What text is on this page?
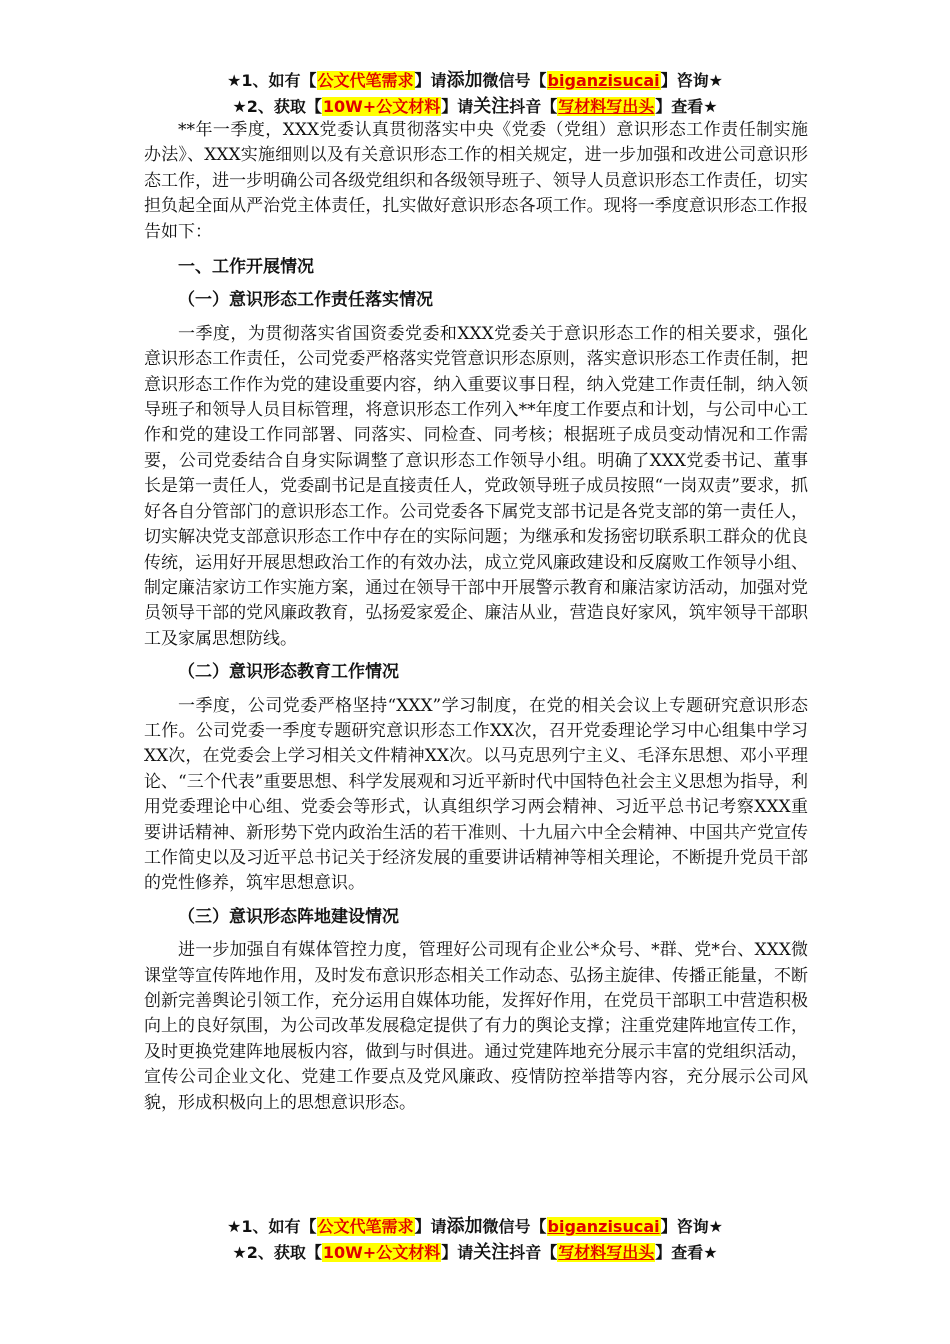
★1、如有【公文代笔需求】请添加微信号【biganzisucai】咨询★
★2、获取【10W+公文材料】请关注抖音【写材料写出头】查看★

**年一季度，XXX党委认真贯彻落实中央《党委（党组）意识形态工作责任制实施办法》、XXX实施细则以及有关意识形态工作的相关规定，进一步加强和改进公司意识形态工作，进一步明确公司各级党组织和各级领导班子、领导人员意识形态工作责任，切实担负起全面从严治党主体责任，扎实做好意识形态各项工作。现将一季度意识形态工作报告如下：

一、工作开展情况
（一）意识形态工作责任落实情况

一季度，为贯彻落实省国资委党委和XXX党委关于意识形态工作的相关要求，强化意识形态工作责任，公司党委严格落实党管意识形态原则，落实意识形态工作责任制，把意识形态工作作为党的建设重要内容，纳入重要议事日程，纳入党建工作责任制，纳入领导班子和领导人员目标管理，将意识形态工作列入**年度工作要点和计划，与公司中心工作和党的建设工作同部署、同落实、同检查、同考核；根据班子成员变动情况和工作需要，公司党委结合自身实际调整了意识形态工作领导小组。明确了XXX党委书记、董事长是第一责任人，党委副书记是直接责任人，党政领导班子成员按照“一岗双责”要求，抓好各自分管部门的意识形态工作。公司党委各下属党支部书记是各党支部的第一责任人，切实解决党支部意识形态工作中存在的实际问题；为继承和发扬密切联系职工群众的优良传统，运用好开展思想政治工作的有效办法，成立党风廉政建设和反腐败工作领导小组、制定廉洁家访工作实施方案，通过在领导干部中开展警示教育和廉洁家访活动，加强对党员领导干部的党风廉政教育，弘扬爱家爱企、廉洁从业，营造良好家风，筑牢领导干部职工及家属思想防线。

（二）意识形态教育工作情况

一季度，公司党委严格坚持“XXX”学习制度，在党的相关会议上专题研究意识形态工作。公司党委一季度专题研究意识形态工作XX次，召开党委理论学习中心组集中学习XX次，在党委会上学习相关文件精神XX次。以马克思列宁主义、毛泽东思想、邓小平理论、“三个代表”重要思想、科学发展观和习近平新时代中国特色社会主义思想为指导，利用党委理论中心组、党委会等形式，认真组织学习两会精神、习近平总书记考察XXX重要讲话精神、新形势下党内政治生活的若干准则、十九届六中全会精神、中国共产党宣传工作简史以及习近平总书记关于经济发展的重要讲话精神等相关理论，不断提升党员干部的党性修养，筑牢思想意识。

（三）意识形态阵地建设情况

进一步加强自有媒体管控力度，管理好公司现有企业公*众号、*群、党*台、XXX微课堂等宣传阵地作用，及时发布意识形态相关工作动态、弘扬主旋律、传播正能量，不断创新完善舆论引领工作，充分运用自媒体功能，发挥好作用，在党员干部职工中营造积极向上的良好氛围，为公司改革发展稳定提供了有力的舆论支撑；注重党建阵地宣传工作，及时更换党建阵地展板内容，做到与时俱进。通过党建阵地充分展示丰富的党组织活动，宣传公司企业文化、党建工作要点及党风廉政、疫情防控举措等内容，充分展示公司风貌，形成积极向上的思想意识形态。

★1、如有【公文代笔需求】请添加微信号【biganzisucai】咨询★
★2、获取【10W+公文材料】请关注抖音【写材料写出头】查看★
